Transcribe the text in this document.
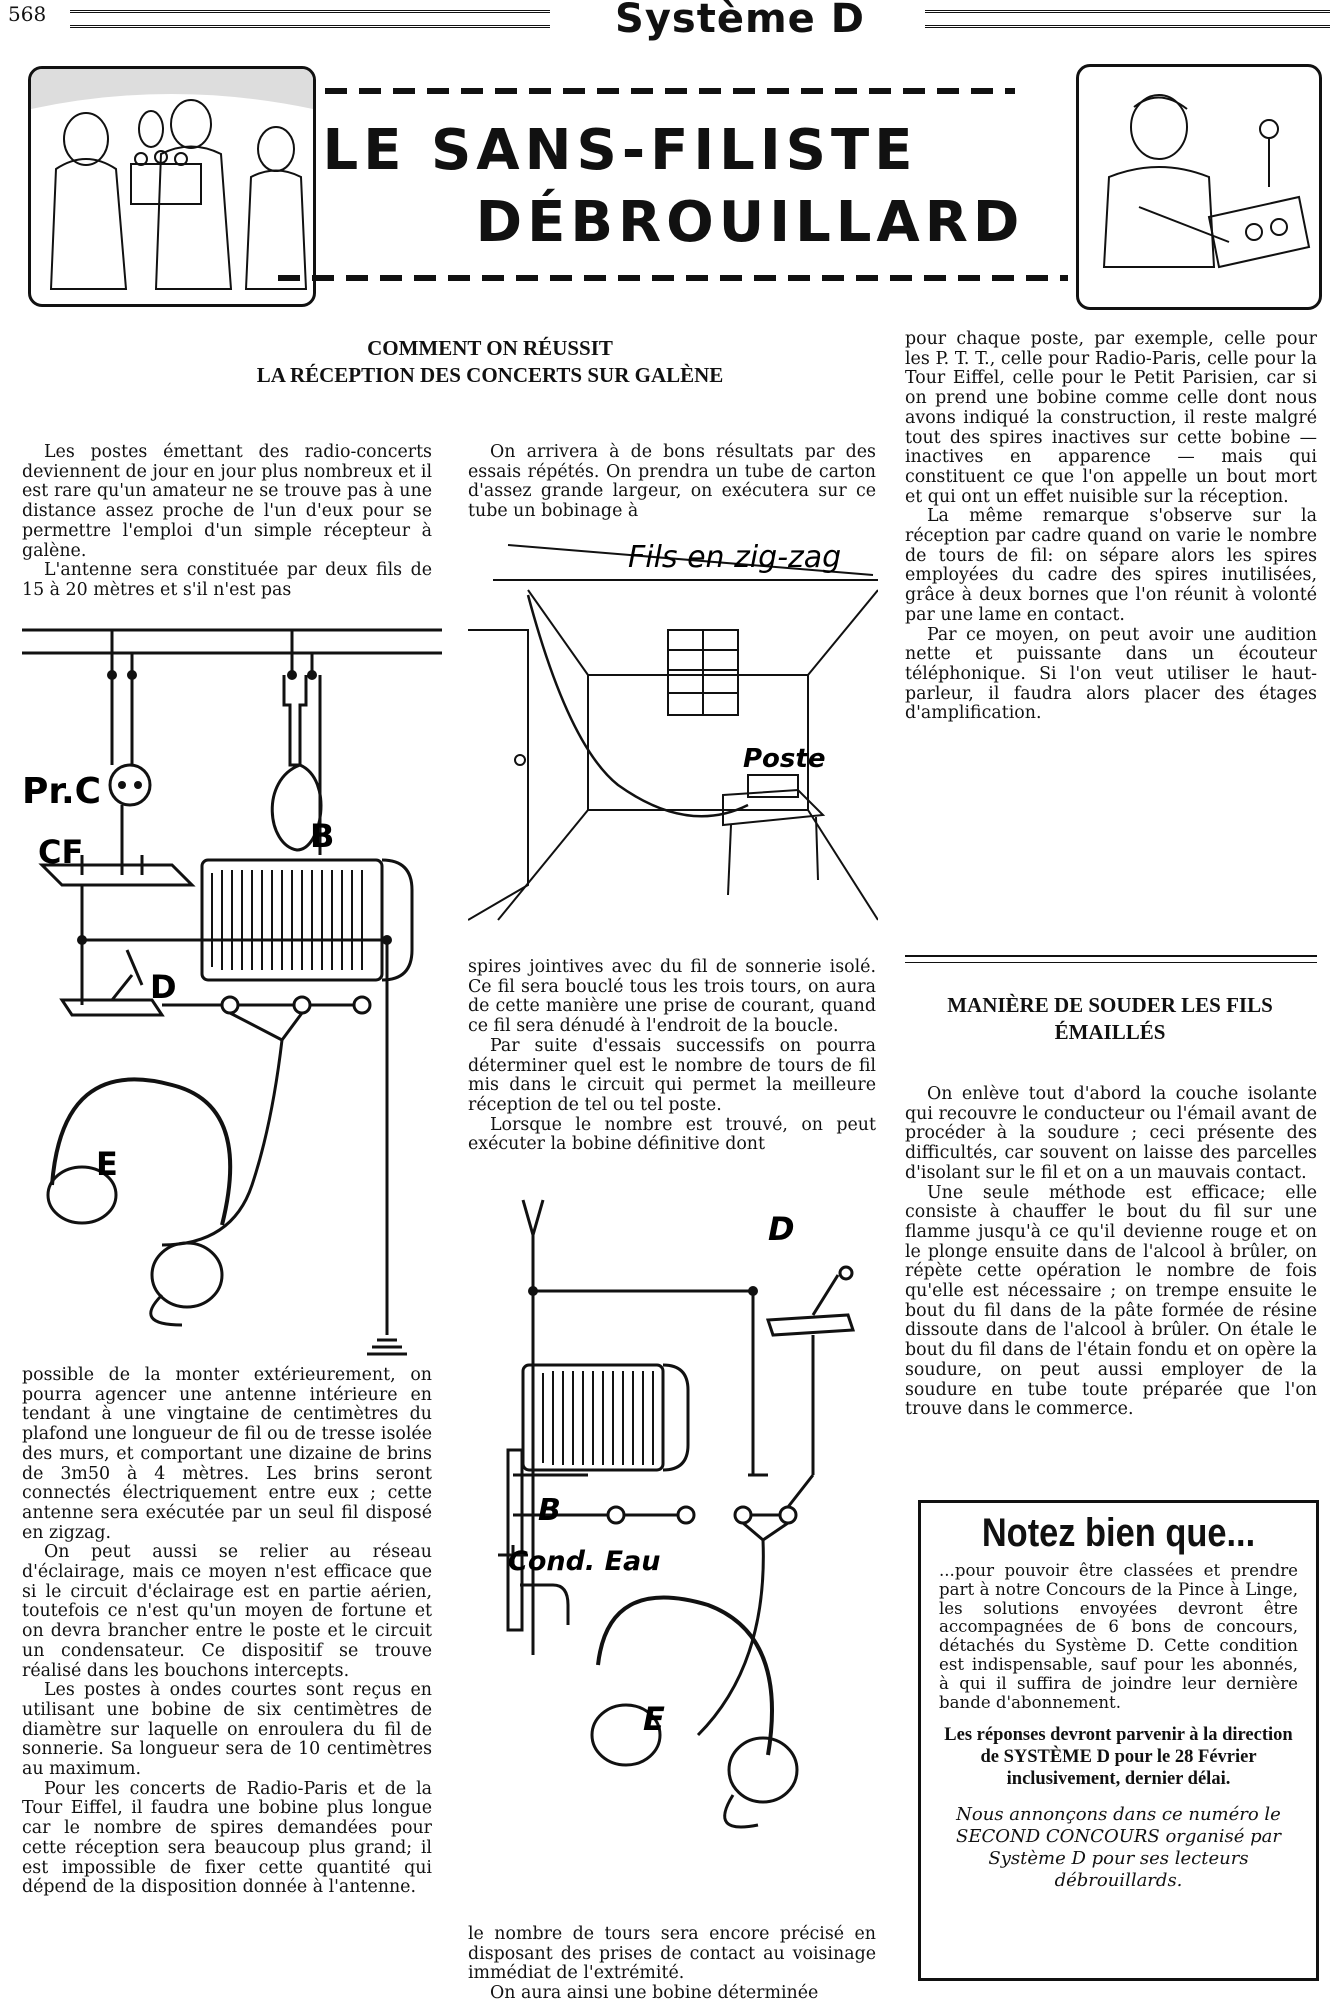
568	Système D
LE SANS-FILISTE
DÉBROUILLARD
COMMENT ON RÉUSSIT
LA RÉCEPTION DES CONCERTS SUR GALÈNE

Les postes émettant des radio-concerts deviennent de jour en jour plus nombreux et il est rare qu'un amateur ne se trouve pas à une distance assez proche de l'un d'eux pour se permettre l'emploi d'un simple récepteur à galène.

L'antenne sera constituée par deux fils de 15 à 20 mètres et s'il n'est pas

Pr.C
CF	B
D
E

possible de la monter extérieurement, on pourra agencer une antenne intérieure en tendant à une vingtaine de centimètres du plafond une longueur de fil ou de tresse isolée des murs, et comportant une dizaine de brins de 3m50 à 4 mètres. Les brins seront connectés électriquement entre eux ; cette antenne sera exécutée par un seul fil disposé en zigzag.

On peut aussi se relier au réseau d'éclairage, mais ce moyen n'est efficace que si le circuit d'éclairage est en partie aérien, toutefois ce n'est qu'un moyen de fortune et on devra brancher entre le poste et le circuit un condensateur. Ce dispositif se trouve réalisé dans les bouchons intercepts.

Les postes à ondes courtes sont reçus en utilisant une bobine de six centimètres de diamètre sur laquelle on enroulera du fil de sonnerie. Sa longueur sera de 10 centimètres au maximum.

Pour les concerts de Radio-Paris et de la Tour Eiffel, il faudra une bobine plus longue car le nombre de spires demandées pour cette réception sera beaucoup plus grand; il est impossible de fixer cette quantité qui dépend de la disposition donnée à l'antenne.

On arrivera à de bons résultats par des essais répétés. On prendra un tube de carton d'assez grande largeur, on exécutera sur ce tube un bobinage à

Fils en zig-zag
Poste

spires jointives avec du fil de sonnerie isolé. Ce fil sera bouclé tous les trois tours, on aura de cette manière une prise de courant, quand ce fil sera dénudé à l'endroit de la boucle.

Par suite d'essais successifs on pourra déterminer quel est le nombre de tours de fil mis dans le circuit qui permet la meilleure réception de tel ou tel poste.

Lorsque le nombre est trouvé, on peut exécuter la bobine définitive dont

D
B
Cond. Eau
E

le nombre de tours sera encore précisé en disposant des prises de contact au voisinage immédiat de l'extrémité.

On aura ainsi une bobine déterminée

pour chaque poste, par exemple, celle pour les P. T. T., celle pour Radio-Paris, celle pour la Tour Eiffel, celle pour le Petit Parisien, car si on prend une bobine comme celle dont nous avons indiqué la construction, il reste malgré tout des spires inactives sur cette bobine — inactives en apparence — mais qui constituent ce que l'on appelle un bout mort et qui ont un effet nuisible sur la réception.

La même remarque s'observe sur la réception par cadre quand on varie le nombre de tours de fil: on sépare alors les spires employées du cadre des spires inutilisées, grâce à deux bornes que l'on réunit à volonté par une lame en contact.

Par ce moyen, on peut avoir une audition nette et puissante dans un écouteur téléphonique. Si l'on veut utiliser le haut-parleur, il faudra alors placer des étages d'amplification.

MANIÈRE DE SOUDER LES FILS
ÉMAILLÉS

On enlève tout d'abord la couche isolante qui recouvre le conducteur ou l'émail avant de procéder à la soudure ; ceci présente des difficultés, car souvent on laisse des parcelles d'isolant sur le fil et on a un mauvais contact.

Une seule méthode est efficace; elle consiste à chauffer le bout du fil sur une flamme jusqu'à ce qu'il devienne rouge et on le plonge ensuite dans de l'alcool à brûler, on répète cette opération le nombre de fois qu'elle est nécessaire ; on trempe ensuite le bout du fil dans de la pâte formée de résine dissoute dans de l'alcool à brûler. On étale le bout du fil dans de l'étain fondu et on opère la soudure, on peut aussi employer de la soudure en tube toute préparée que l'on trouve dans le commerce.

Notez bien que...
...pour pouvoir être classées et prendre part à notre Concours de la Pince à Linge, les solutions envoyées devront être accompagnées de 6 bons de concours, détachés du Système D. Cette condition est indispensable, sauf pour les abonnés, à qui il suffira de joindre leur dernière bande d'abonnement.
Les réponses devront parvenir à la direction de SYSTÈME D pour le 28 Février inclusivement, dernier délai.
Nous annonçons dans ce numéro le SECOND CONCOURS organisé par Système D pour ses lecteurs débrouillards.
